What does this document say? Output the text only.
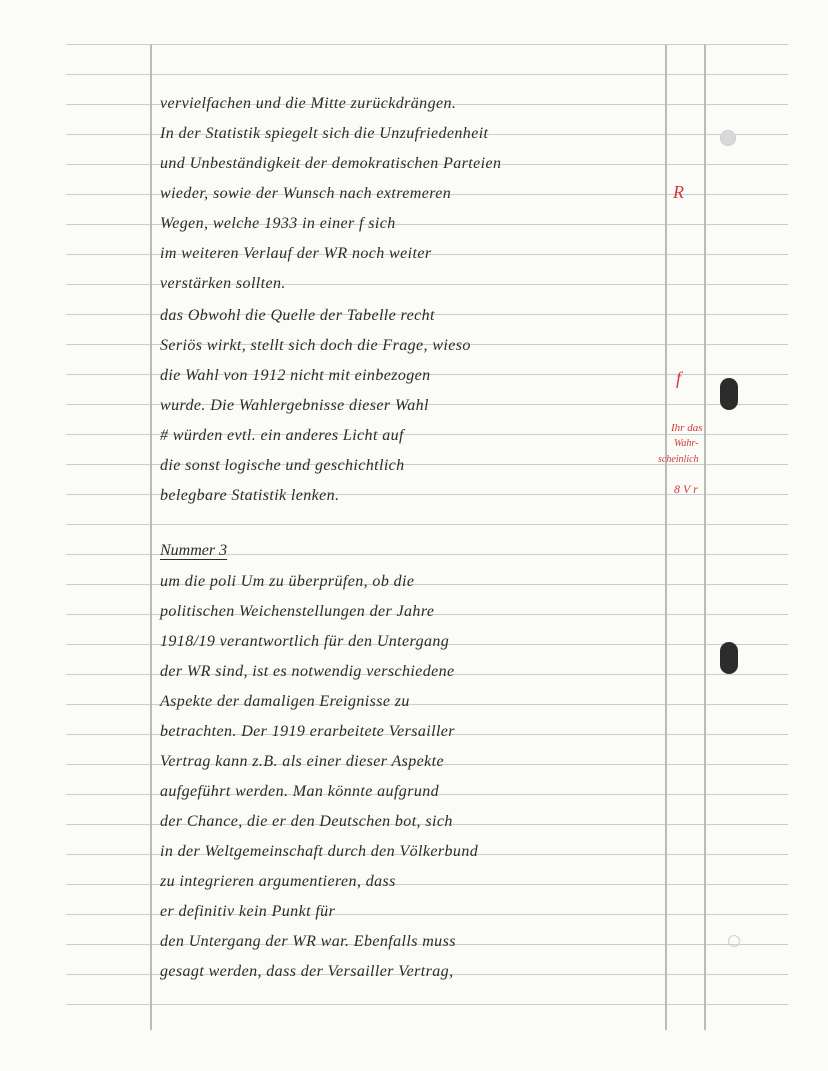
vervielfachen und die Mitte zurückdrängen.
In der Statistik spiegelt sich die Unzufriedenheit
und Unbeständigkeit der demokratischen Parteien
wieder, sowie der Wunsch nach extremeren
Wegen, welche 1933 in einer f sich
im weiteren Verlauf der WR noch weiter
verstärken sollten.
das Obwohl die Quelle der Tabelle recht
Seriös wirkt, stellt sich doch die Frage, wieso
die Wahl von 1912 nicht mit einbezogen
wurde. Die Wahlergebnisse dieser Wahl
# würden evtl. ein anderes Licht auf
die sonst logische und geschichtlich
belegbare Statistik lenken.
Nummer 3
um die poli Um zu überprüfen, ob die
politischen Weichenstellungen der Jahre
1918/19 verantwortlich für den Untergang
der WR sind, ist es notwendig verschiedene
Aspekte der damaligen Ereignisse zu
betrachten. Der 1919 erarbeitete Versailler
Vertrag kann z.B. als einer dieser Aspekte
aufgeführt werden. Man könnte aufgrund
der Chance, die er den Deutschen bot, sich
in der Weltgemeinschaft durch den Völkerbund
zu integrieren argumentieren, dass
er definitiv kein Punkt für
den Untergang der WR war. Ebenfalls muss
gesagt werden, dass der Versailler Vertrag,
R
f
Ihr das
Wahr-
scheinlich
8 V r
